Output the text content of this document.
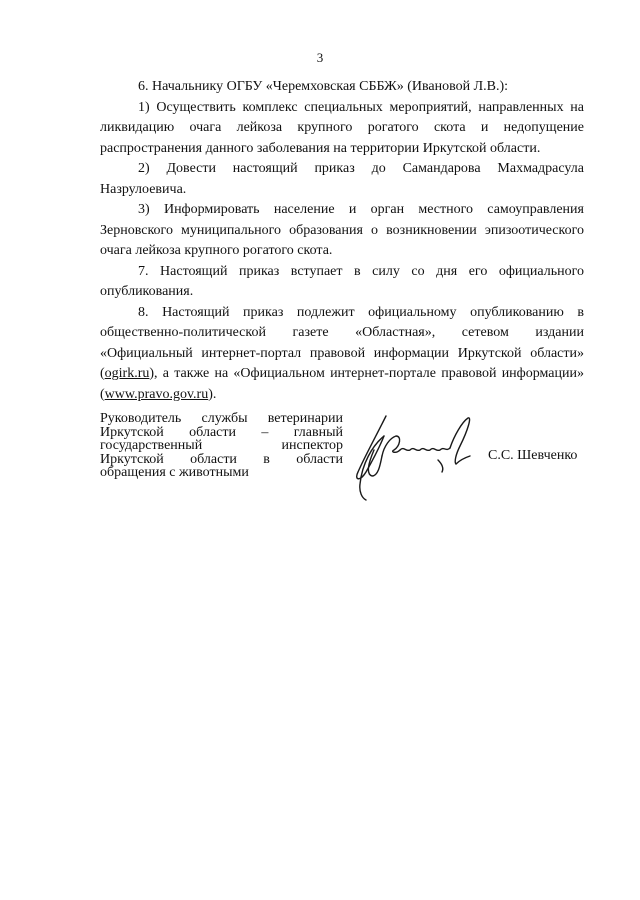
3

6. Начальнику ОГБУ «Черемховская СББЖ» (Ивановой Л.В.):

1) Осуществить комплекс специальных мероприятий, направленных на ликвидацию очага лейкоза крупного рогатого скота и недопущение распространения данного заболевания на территории Иркутской области.

2) Довести настоящий приказ до Самандарова Махмадрасула Назрулоевича.

3) Информировать население и орган местного самоуправления Зерновского муниципального образования о возникновении эпизоотического очага лейкоза крупного рогатого скота.

7. Настоящий приказ вступает в силу со дня его официального опубликования.

8. Настоящий приказ подлежит официальному опубликованию в общественно-политической газете «Областная», сетевом издании «Официальный интернет-портал правовой информации Иркутской области» (ogirk.ru), а также на «Официальном интернет-портале правовой информации» (www.pravo.gov.ru).

Руководитель службы ветеринарии
Иркутской области – главный
государственный инспектор
Иркутской области в области
обращения с животными
С.С. Шевченко
